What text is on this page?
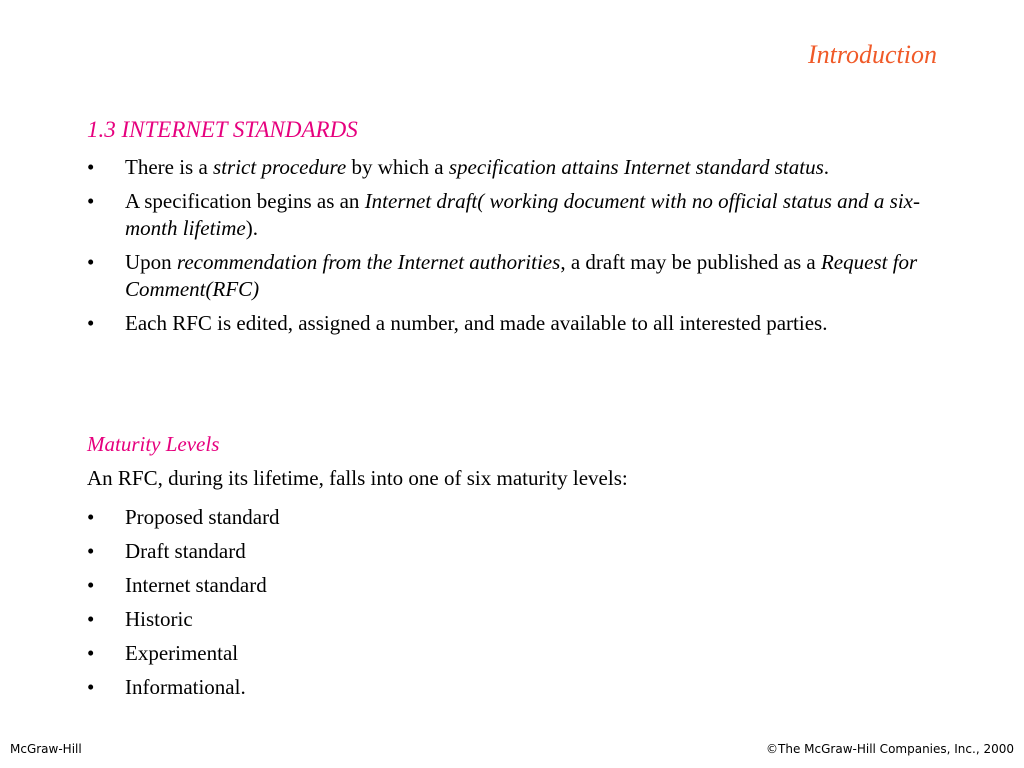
Introduction
1.3 INTERNET STANDARDS
• There is a strict procedure by which a specification attains Internet standard status.
• A specification begins as an Internet draft( working document with no official status and a six-month lifetime).
• Upon recommendation from the Internet authorities, a draft may be published as a Request for Comment(RFC)
• Each RFC is edited, assigned a number, and made available to all interested parties.
Maturity Levels
An RFC, during its lifetime, falls into one of six maturity levels:
• Proposed standard
• Draft standard
• Internet standard
• Historic
• Experimental
• Informational.
McGraw-Hill	©The McGraw-Hill Companies, Inc., 2000
